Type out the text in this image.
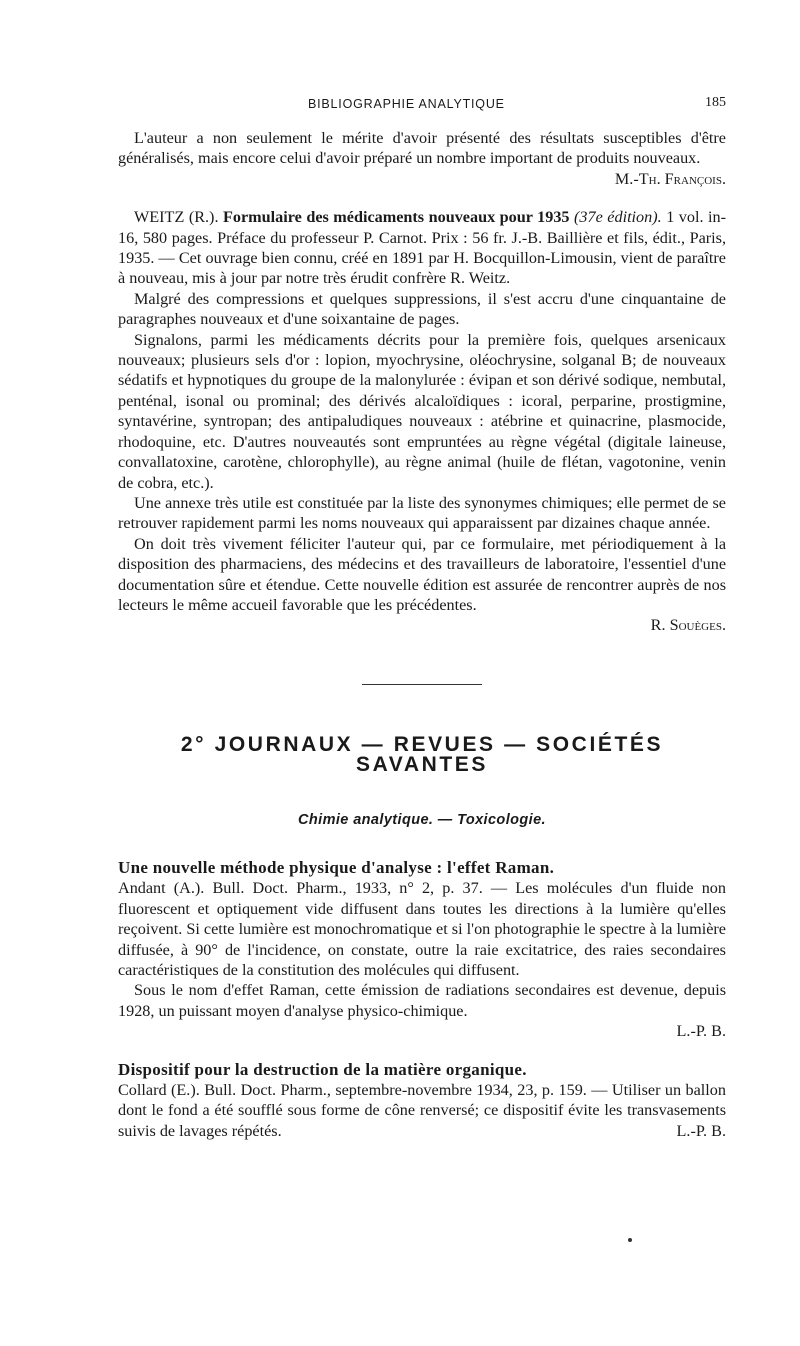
BIBLIOGRAPHIE ANALYTIQUE	185

L'auteur a non seulement le mérite d'avoir présenté des résultats susceptibles d'être généralisés, mais encore celui d'avoir préparé un nombre important de produits nouveaux.

M.-Th. François.

WEITZ (R.). Formulaire des médicaments nouveaux pour 1935 (37e édition). 1 vol. in-16, 580 pages. Préface du professeur P. Carnot. Prix : 56 fr. J.-B. Baillière et fils, édit., Paris, 1935. — Cet ouvrage bien connu, créé en 1891 par H. Bocquillon-Limousin, vient de paraître à nouveau, mis à jour par notre très érudit confrère R. Weitz.

Malgré des compressions et quelques suppressions, il s'est accru d'une cinquantaine de paragraphes nouveaux et d'une soixantaine de pages.

Signalons, parmi les médicaments décrits pour la première fois, quelques arsenicaux nouveaux; plusieurs sels d'or : lopion, myochrysine, oléochrysine, solganal B; de nouveaux sédatifs et hypnotiques du groupe de la malonylurée : évipan et son dérivé sodique, nembutal, penténal, isonal ou prominal; des dérivés alcaloïdiques : icoral, perparine, prostigmine, syntavérine, syntropan; des antipaludiques nouveaux : atébrine et quinacrine, plasmocide, rhodoquine, etc. D'autres nouveautés sont empruntées au règne végétal (digitale laineuse, convallatoxine, carotène, chlorophylle), au règne animal (huile de flétan, vagotonine, venin de cobra, etc.).

Une annexe très utile est constituée par la liste des synonymes chimiques; elle permet de se retrouver rapidement parmi les noms nouveaux qui apparaissent par dizaines chaque année.

On doit très vivement féliciter l'auteur qui, par ce formulaire, met périodiquement à la disposition des pharmaciens, des médecins et des travailleurs de laboratoire, l'essentiel d'une documentation sûre et étendue. Cette nouvelle édition est assurée de rencontrer auprès de nos lecteurs le même accueil favorable que les précédentes.

R. Souèges.

2° JOURNAUX — REVUES — SOCIÉTÉS SAVANTES
Chimie analytique. — Toxicologie.

Une nouvelle méthode physique d'analyse : l'effet Raman.

Andant (A.). Bull. Doct. Pharm., 1933, n° 2, p. 37. — Les molécules d'un fluide non fluorescent et optiquement vide diffusent dans toutes les directions à la lumière qu'elles reçoivent. Si cette lumière est monochromatique et si l'on photographie le spectre à la lumière diffusée, à 90° de l'incidence, on constate, outre la raie excitatrice, des raies secondaires caractéristiques de la constitution des molécules qui diffusent.

Sous le nom d'effet Raman, cette émission de radiations secondaires est devenue, depuis 1928, un puissant moyen d'analyse physico-chimique.

L.-P. B.

Dispositif pour la destruction de la matière organique.

Collard (E.). Bull. Doct. Pharm., septembre-novembre 1934, 23, p. 159. — Utiliser un ballon dont le fond a été soufflé sous forme de cône renversé; ce dispositif évite les transvasements suivis de lavages répétés.	L.-P. B.
